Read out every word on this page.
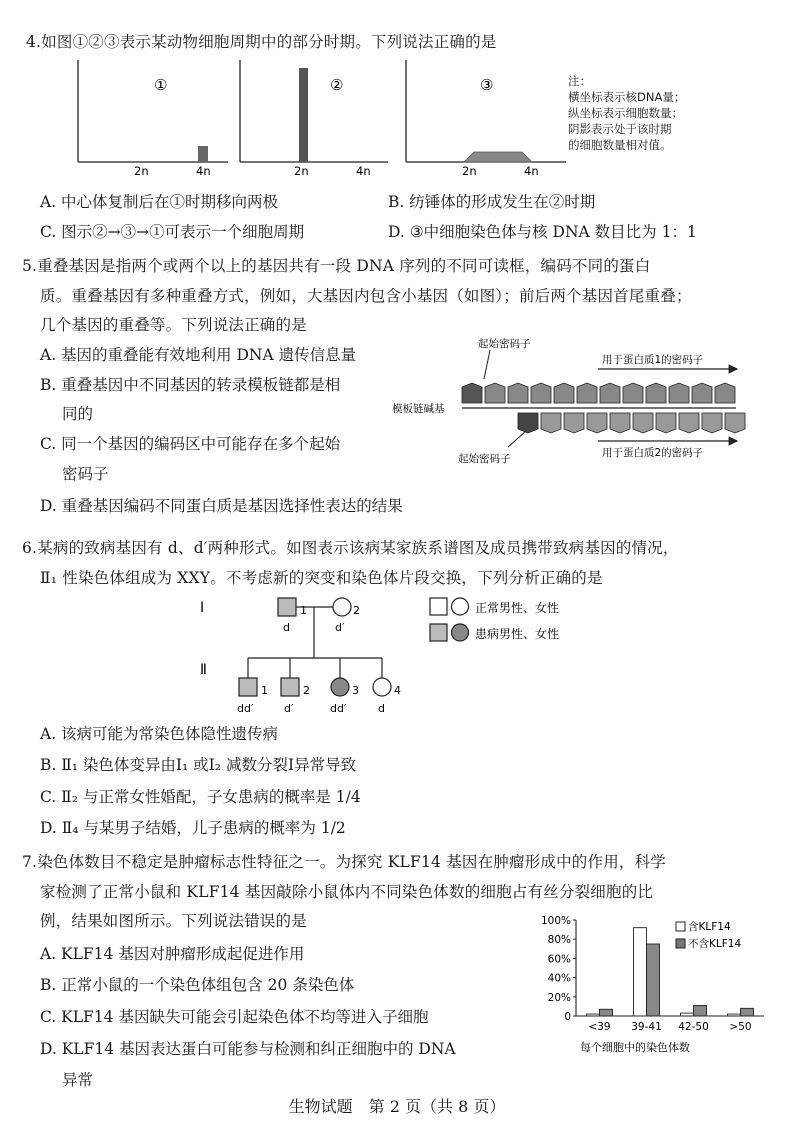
4.如图①②③表示某动物细胞周期中的部分时期。下列说法正确的是
①
2n	4n
②
2n	4n
③
2n	4n
注：
横坐标表示核DNA量；
纵坐标表示细胞数量；
阴影表示处于该时期
的细胞数量相对值。
A. 中心体复制后在①时期移向两极	B. 纺锤体的形成发生在②时期
C. 图示②→③→①可表示一个细胞周期	D. ③中细胞染色体与核 DNA 数目比为 1：1
5.重叠基因是指两个或两个以上的基因共有一段 DNA 序列的不同可读框，编码不同的蛋白
质。重叠基因有多种重叠方式，例如，大基因内包含小基因（如图）；前后两个基因首尾重叠；
几个基因的重叠等。下列说法正确的是
A. 基因的重叠能有效地利用 DNA 遗传信息量
B. 重叠基因中不同基因的转录模板链都是相
同的
C. 同一个基因的编码区中可能存在多个起始
密码子
D. 重叠基因编码不同蛋白质是基因选择性表达的结果
起始密码子
用于蛋白质1的密码子
模板链碱基
用于蛋白质2的密码子
起始密码子
6.某病的致病基因有 d、d′两种形式。如图表示该病某家族系谱图及成员携带致病基因的情况，
Ⅱ₁ 性染色体组成为 XXY。不考虑新的突变和染色体片段交换，下列分析正确的是
Ⅰ
Ⅱ
1
d
2
d′
1
dd′
2
d′
3
dd′
4
d
正常男性、女性
患病男性、女性
A. 该病可能为常染色体隐性遗传病
B. Ⅱ₁ 染色体变异由Ⅰ₁ 或Ⅰ₂ 减数分裂Ⅰ异常导致
C. Ⅱ₂ 与正常女性婚配，子女患病的概率是 1/4
D. Ⅱ₄ 与某男子结婚，儿子患病的概率为 1/2
7.染色体数目不稳定是肿瘤标志性特征之一。为探究 KLF14 基因在肿瘤形成中的作用，科学
家检测了正常小鼠和 KLF14 基因敲除小鼠体内不同染色体数的细胞占有丝分裂细胞的比
例，结果如图所示。下列说法错误的是
A. KLF14 基因对肿瘤形成起促进作用
B. 正常小鼠的一个染色体组包含 20 条染色体
C. KLF14 基因缺失可能会引起染色体不均等进入子细胞
D. KLF14 基因表达蛋白可能参与检测和纠正细胞中的 DNA
异常
100%
80%
60%
40%
20%
0
<39 39-41 42-50 >50
含KLF14
不含KLF14
每个细胞中的染色体数
生物试题　第 2 页（共 8 页）
